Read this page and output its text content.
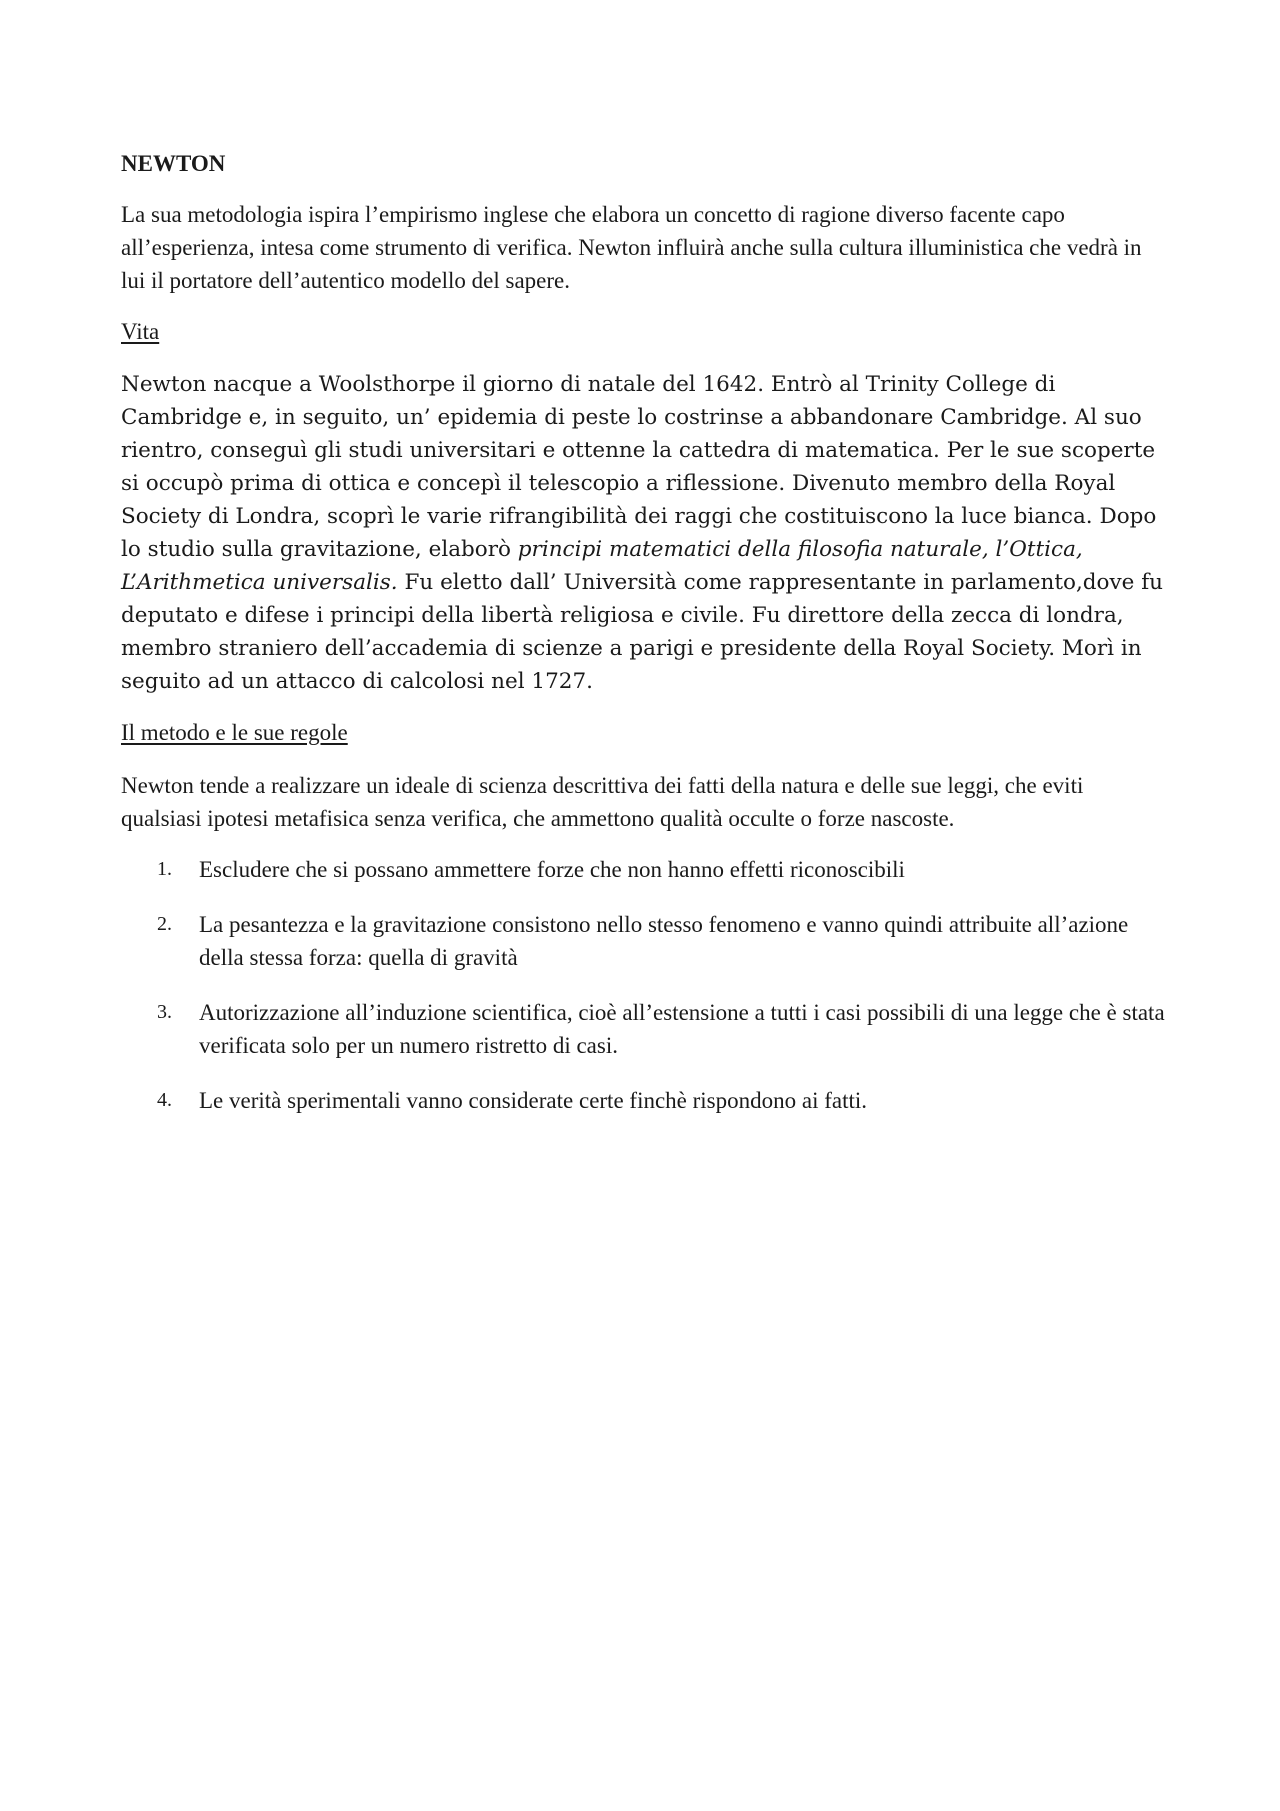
NEWTON

La sua metodologia ispira l’empirismo inglese che elabora un concetto di ragione diverso facente capo all’esperienza, intesa come strumento di verifica. Newton influirà anche sulla cultura illuministica che vedrà in lui il portatore dell’autentico modello del sapere.

Vita

Newton nacque a Woolsthorpe il giorno di natale del 1642. Entrò al Trinity College di Cambridge e, in seguito, un’ epidemia di peste lo costrinse a abbandonare Cambridge. Al suo rientro, conseguì gli studi universitari e ottenne la cattedra di matematica. Per le sue scoperte si occupò prima di ottica e concepì il telescopio a riflessione. Divenuto membro della Royal Society di Londra, scoprì le varie rifrangibilità dei raggi che costituiscono la luce bianca. Dopo lo studio sulla gravitazione, elaborò principi matematici della filosofia naturale, l’Ottica, L’Arithmetica universalis. Fu eletto dall’ Università come rappresentante in parlamento,dove fu deputato e difese i principi della libertà religiosa e civile. Fu direttore della zecca di londra, membro straniero dell’accademia di scienze a parigi e presidente della Royal Society. Morì in seguito ad un attacco di calcolosi nel 1727.

Il metodo e le sue regole

Newton tende a realizzare un ideale di scienza descrittiva dei fatti della natura e delle sue leggi, che eviti qualsiasi ipotesi metafisica senza verifica, che ammettono qualità occulte o forze nascoste.

1. Escludere che si possano ammettere forze che non hanno effetti riconoscibili
2. La pesantezza e la gravitazione consistono nello stesso fenomeno e vanno quindi attribuite all’azione della stessa forza: quella di gravità
3. Autorizzazione all’induzione scientifica, cioè all’estensione a tutti i casi possibili di una legge che è stata verificata solo per un numero ristretto di casi.
4. Le verità sperimentali vanno considerate certe finchè rispondono ai fatti.
